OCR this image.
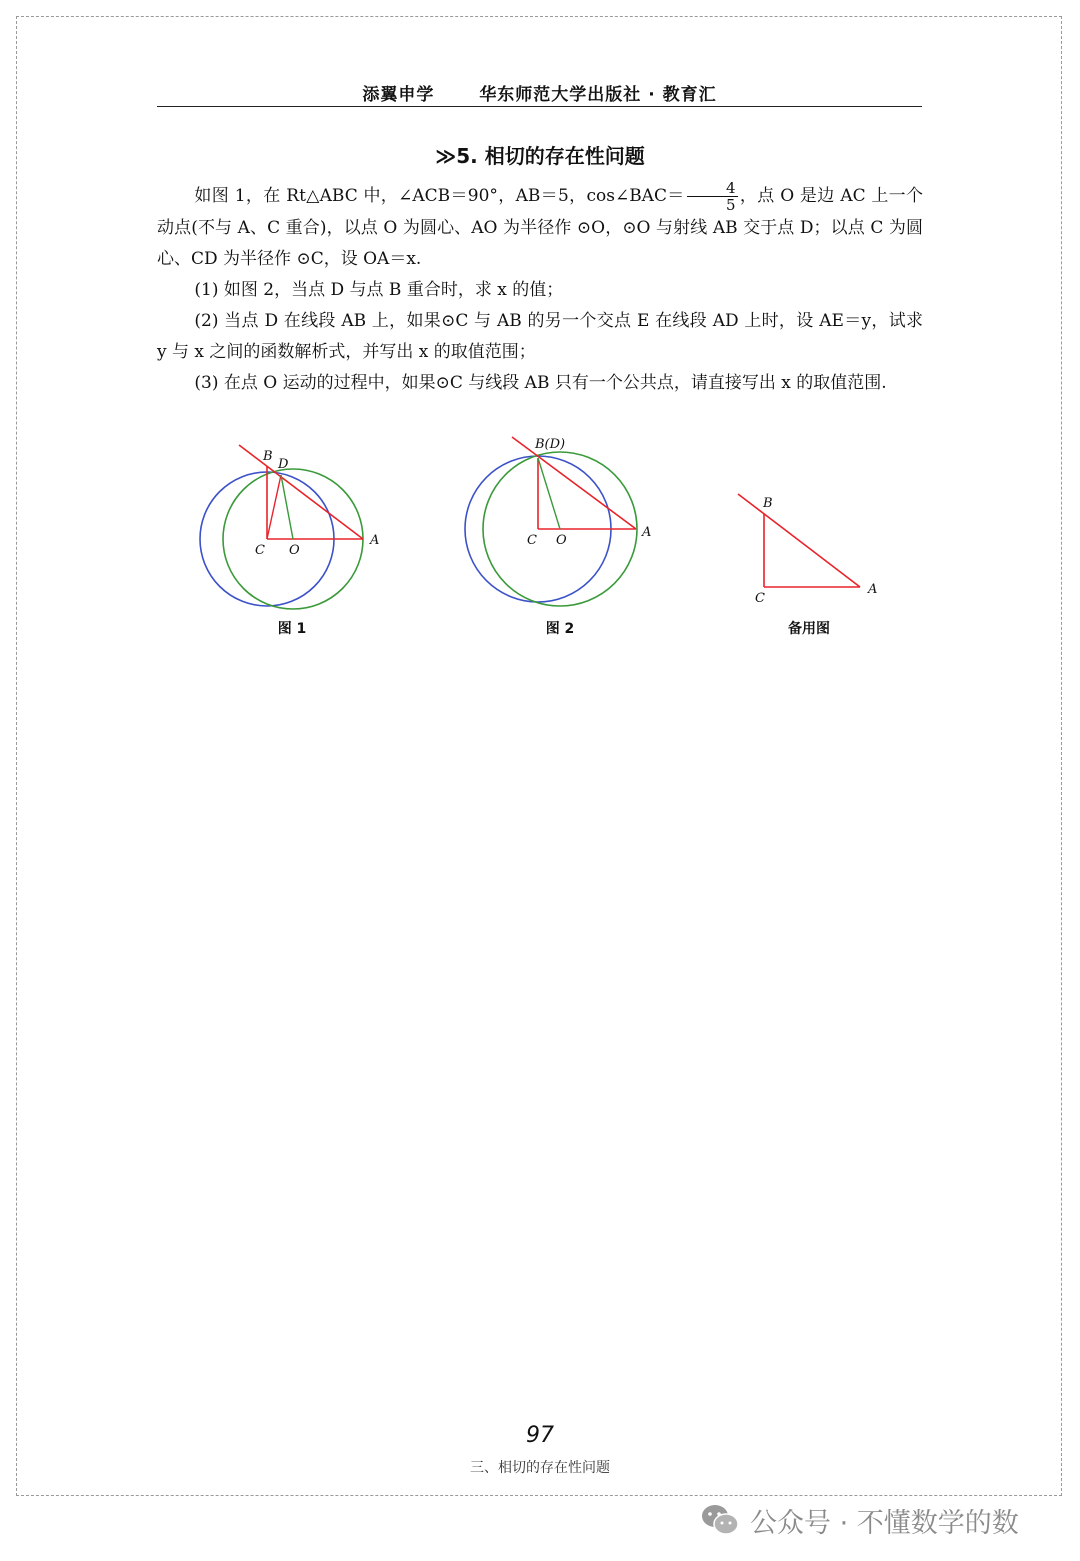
添翼申学	华东师范大学出版社 · 教育汇
≫5. 相切的存在性问题

如图 1，在 Rt△ABC 中，∠ACB＝90°，AB＝5，cos∠BAC＝ $\frac{4}{5}$ ，点 O 是边 AC 上一个动点(不与 A、C 重合)，以点 O 为圆心、AO 为半径作 ⊙O，⊙O 与射线 AB 交于点 D；以点 C 为圆心、CD 为半径作 ⊙C，设 OA＝x.

(1) 如图 2，当点 D 与点 B 重合时，求 x 的值；

(2) 当点 D 在线段 AB 上，如果⊙C 与 AB 的另一个交点 E 在线段 AD 上时，设 AE＝y，试求 y 与 x 之间的函数解析式，并写出 x 的取值范围；

(3) 在点 O 运动的过程中，如果⊙C 与线段 AB 只有一个公共点，请直接写出 x 的取值范围.

B
D
C O
A
图 1
B(D)
C O
A
图 2
B
C
A
备用图
97
三、相切的存在性问题
公众号 · 不懂数学的数
